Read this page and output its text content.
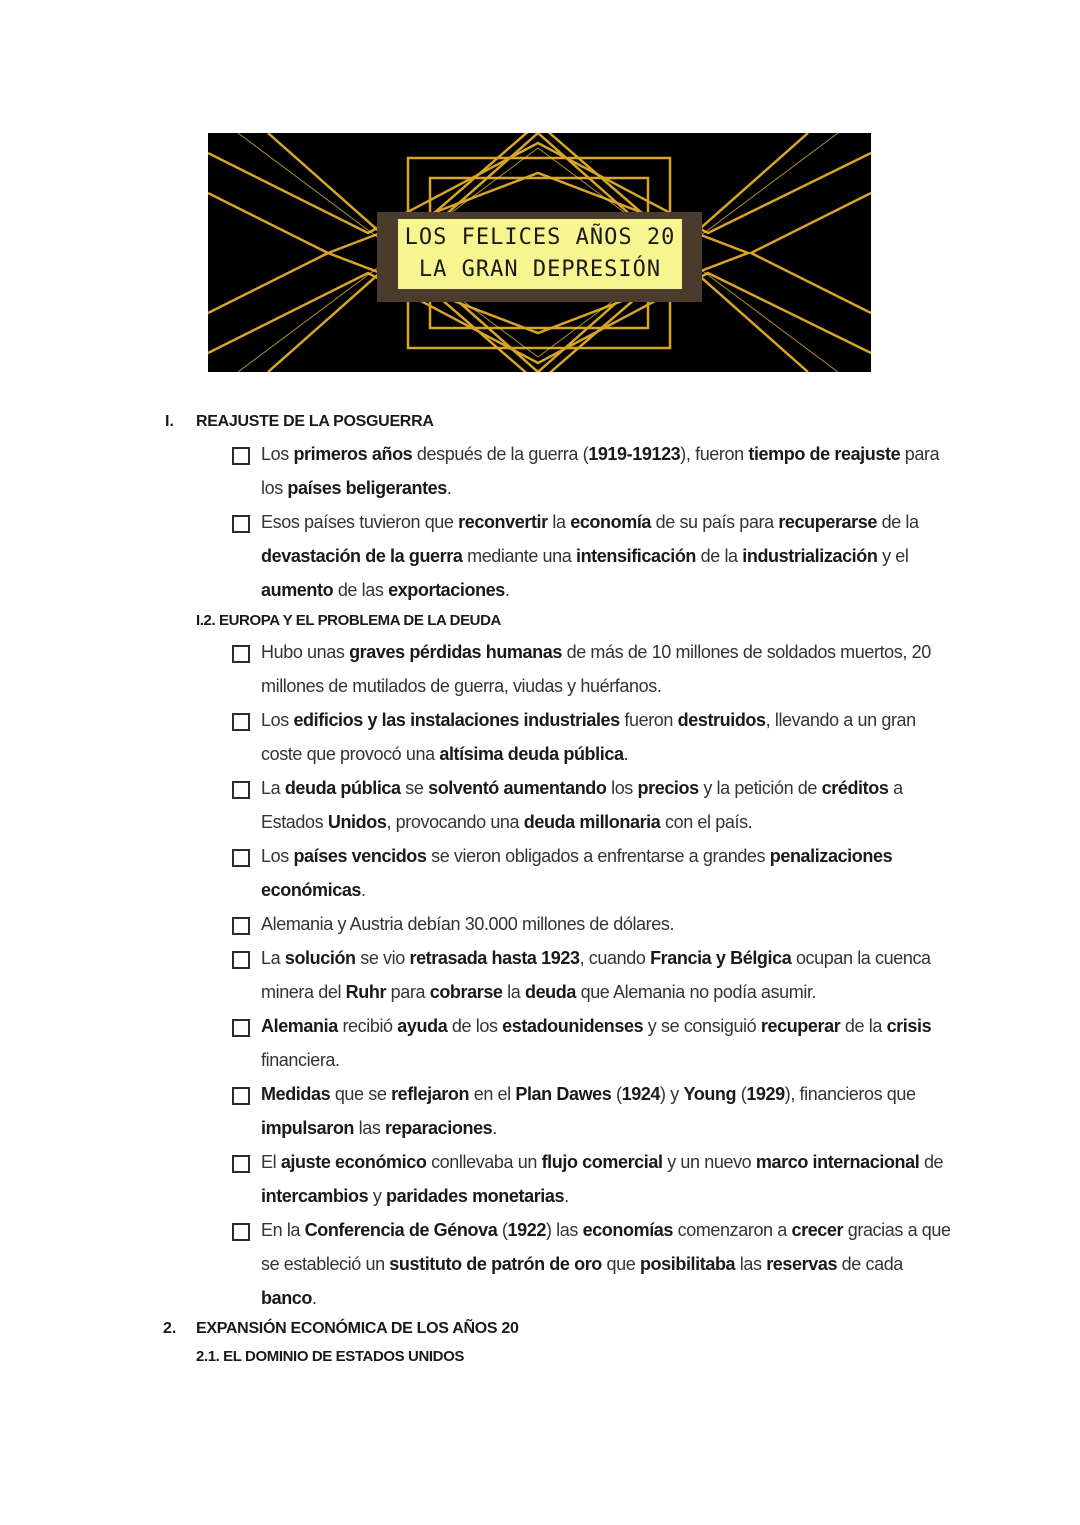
LOS FELICES AÑOS 20
LA GRAN DEPRESIÓN
I. REAJUSTE DE LA POSGUERRA
Los primeros años después de la guerra (1919-19123), fueron tiempo de reajuste para los países beligerantes.
Esos países tuvieron que reconvertir la economía de su país para recuperarse de la devastación de la guerra mediante una intensificación de la industrialización y el aumento de las exportaciones.
I.2. EUROPA Y EL PROBLEMA DE LA DEUDA
Hubo unas graves pérdidas humanas de más de 10 millones de soldados muertos, 20 millones de mutilados de guerra, viudas y huérfanos.
Los edificios y las instalaciones industriales fueron destruidos, llevando a un gran coste que provocó una altísima deuda pública.
La deuda pública se solventó aumentando los precios y la petición de créditos a Estados Unidos, provocando una deuda millonaria con el país.
Los países vencidos se vieron obligados a enfrentarse a grandes penalizaciones económicas.
Alemania y Austria debían 30.000 millones de dólares.
La solución se vio retrasada hasta 1923, cuando Francia y Bélgica ocupan la cuenca minera del Ruhr para cobrarse la deuda que Alemania no podía asumir.
Alemania recibió ayuda de los estadounidenses y se consiguió recuperar de la crisis financiera.
Medidas que se reflejaron en el Plan Dawes (1924) y Young (1929), financieros que impulsaron las reparaciones.
El ajuste económico conllevaba un flujo comercial y un nuevo marco internacional de intercambios y paridades monetarias.
En la Conferencia de Génova (1922) las economías comenzaron a crecer gracias a que se estableció un sustituto de patrón de oro que posibilitaba las reservas de cada banco.
2. EXPANSIÓN ECONÓMICA DE LOS AÑOS 20
2.1. EL DOMINIO DE ESTADOS UNIDOS
